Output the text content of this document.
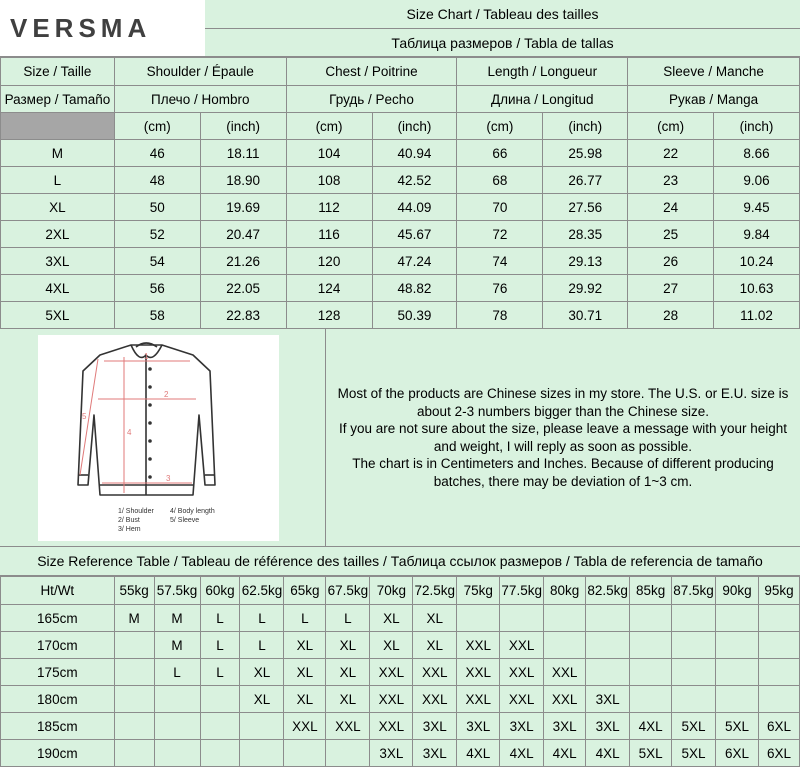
VERSMA	Size Chart / Tableau des tailles
Таблица размеров / Tabla de tallas
Size / Taille	Shoulder / Épaule		Chest / Poitrine		Length / Longueur		Sleeve / Manche	
Размер / Tamaño	Плечо / Hombro		Грудь / Pecho		Длина / Longitud		Рукав / Manga	
	(cm)	(inch)	(cm)	(inch)	(cm)	(inch)	(cm)	(inch)
M	46	18.11	104	40.94	66	25.98	22	8.66
L	48	18.90	108	42.52	68	26.77	23	9.06
XL	50	19.69	112	44.09	70	27.56	24	9.45
2XL	52	20.47	116	45.67	72	28.35	25	9.84
3XL	54	21.26	120	47.24	74	29.13	26	10.24
4XL	56	22.05	124	48.82	76	29.92	27	10.63
5XL	58	22.83	128	50.39	78	30.71	28	11.02
1
2
3
4
5
1/ Shoulder
2/ Bust
3/ Hem
4/ Body length
5/ Sleeve
Most of the products are Chinese sizes in my store. The U.S. or E.U. size is
about 2-3 numbers bigger than the Chinese size.
If you are not sure about the size, please leave a message with your height
and weight, I will reply as soon as possible.
The chart is in Centimeters and Inches. Because of different producing
batches, there may be deviation of 1~3 cm.
Size Reference Table / Tableau de référence des tailles / Таблица ссылок размеров / Tabla de referencia de tamaño
Ht/Wt	55kg	57.5kg	60kg	62.5kg	65kg	67.5kg	70kg	72.5kg	75kg	77.5kg	80kg	82.5kg	85kg	87.5kg	90kg	95kg
165cm	M	M	L	L	L	L	XL	XL								
170cm		M	L	L	XL	XL	XL	XL	XXL	XXL						
175cm		L	L	XL	XL	XL	XXL	XXL	XXL	XXL	XXL					
180cm				XL	XL	XL	XXL	XXL	XXL	XXL	XXL	3XL				
185cm					XXL	XXL	XXL	3XL	3XL	3XL	3XL	3XL	4XL	5XL	5XL	6XL
190cm							3XL	3XL	4XL	4XL	4XL	4XL	5XL	5XL	6XL	6XL
